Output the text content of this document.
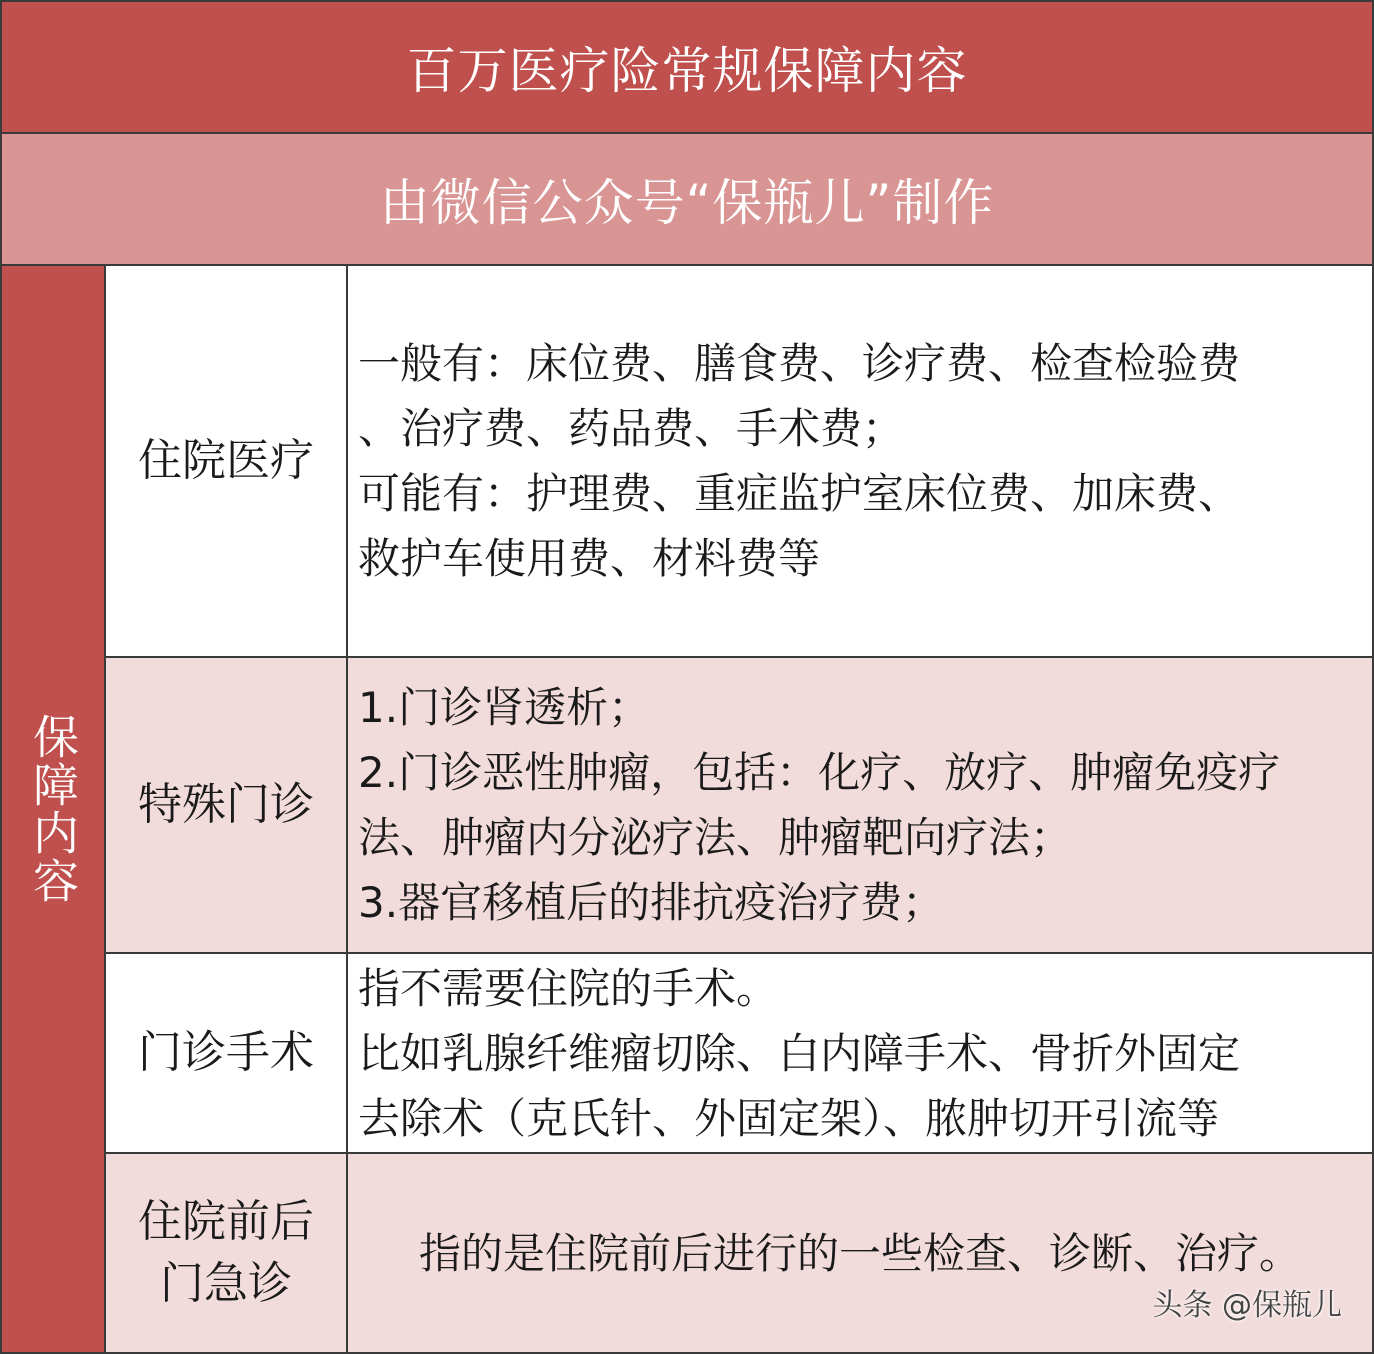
百万医疗险常规保障内容
由微信公众号“保瓶儿”制作
保障内容
住院医疗
一般有：床位费、膳食费、诊疗费、检查检验费
、治疗费、药品费、手术费；
可能有：护理费、重症监护室床位费、加床费、
救护车使用费、材料费等
特殊门诊
1.门诊肾透析；
2.门诊恶性肿瘤，包括：化疗、放疗、肿瘤免疫疗
法、肿瘤内分泌疗法、肿瘤靶向疗法；
3.器官移植后的排抗疫治疗费；
门诊手术
指不需要住院的手术。
比如乳腺纤维瘤切除、白内障手术、骨折外固定
去除术（克氏针、外固定架）、脓肿切开引流等
住院前后
门急诊
指的是住院前后进行的一些检查、诊断、治疗。
头条 @保瓶儿
